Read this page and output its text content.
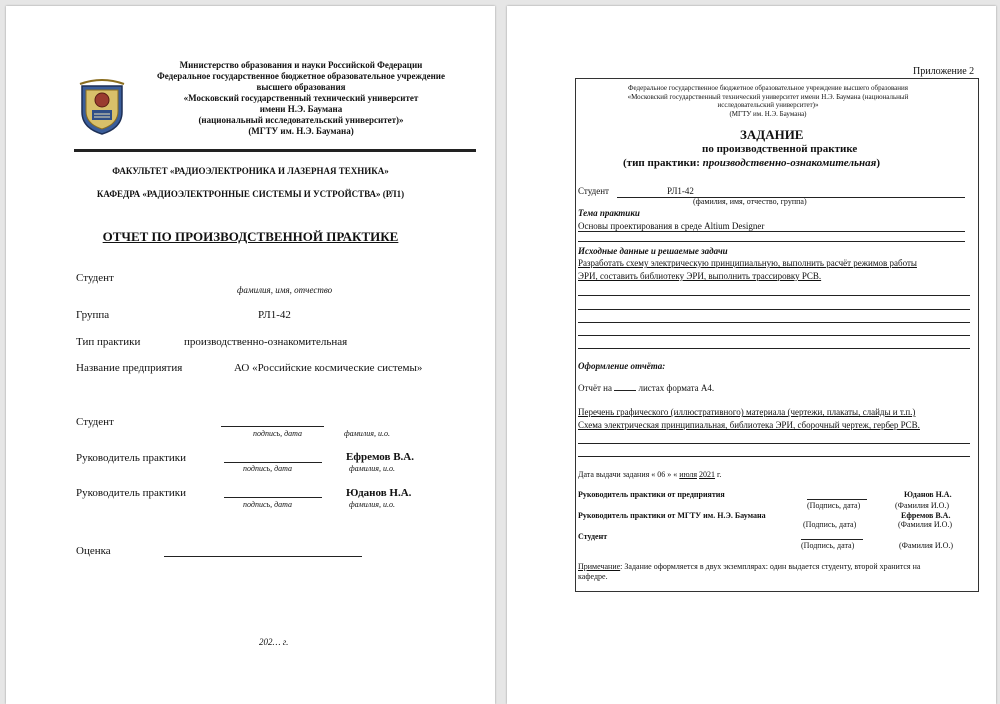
Министерство образования и науки Российской Федерации
Федеральное государственное бюджетное образовательное учреждение
высшего образования
«Московский государственный технический университет
имени Н.Э. Баумана
(национальный исследовательский университет)»
(МГТУ им. Н.Э. Баумана)
ФАКУЛЬТЕТ «РАДИОЭЛЕКТРОНИКА И ЛАЗЕРНАЯ ТЕХНИКА»
КАФЕДРА «РАДИОЭЛЕКТРОННЫЕ СИСТЕМЫ И УСТРОЙСТВА» (РЛ1)
ОТЧЕТ ПО ПРОИЗВОДСТВЕННОЙ ПРАКТИКЕ
Студент
фамилия, имя, отчество
Группа	РЛ1-42
Тип практики	производственно-ознакомительная
Название предприятия	АО «Российские космические системы»
Студент
подпись, дата	фамилия, и.о.
Руководитель практики
подпись, дата
Ефремов В.А.
фамилия, и.о.
Руководитель практики
подпись, дата
Юданов Н.А.
фамилия, и.о.
Оценка
202… г.
Приложение 2
Федеральное государственное бюджетное образовательное учреждение высшего образования
«Московский государственный технический университет имени Н.Э. Баумана (национальный
исследовательский университет)»
(МГТУ им. Н.Э. Баумана)
ЗАДАНИЕ
по производственной практике
(тип практики: производственно-ознакомительная)
Студент	РЛ1-42
(фамилия, имя, отчество, группа)
Тема практики
Основы проектирования в среде Altium Designer
Исходные данные и решаемые задачи
Разработать схему электрическую принципиальную, выполнить расчёт режимов работы
ЭРИ, составить библиотеку ЭРИ, выполнить трассировку PCB.
Оформление отчёта:
Отчёт на	листах формата А4.
Перечень графического (иллюстративного) материала (чертежи, плакаты, слайды и т.п.)
Схема электрическая принципиальная, библиотека ЭРИ, сборочный чертеж, гербер PCB.
Дата выдачи задания « 06 » « июля 2021 г.
Руководитель практики от предприятия	Юданов Н.А.
(Подпись, дата)	(Фамилия И.О.)
Руководитель практики от МГТУ им. Н.Э. Баумана	Ефремов В.А.
(Подпись, дата)	(Фамилия И.О.)
Студент
(Подпись, дата)	(Фамилия И.О.)
Примечание: Задание оформляется в двух экземплярах: один выдается студенту, второй хранится на
кафедре.
